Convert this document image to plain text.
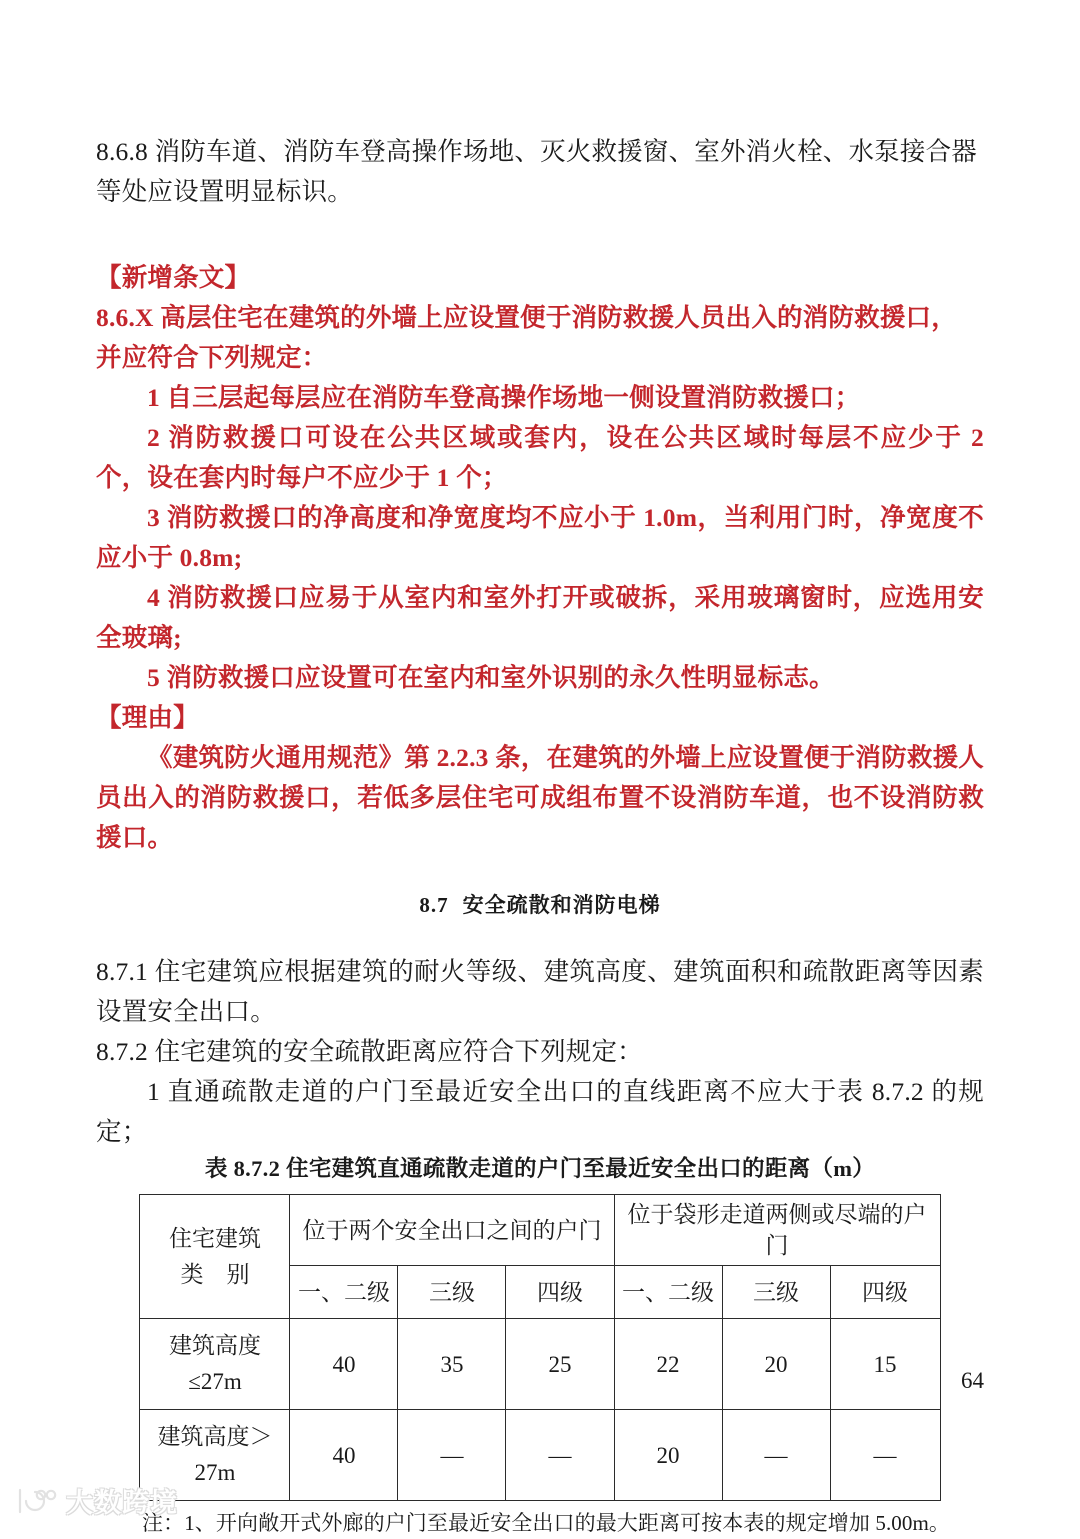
8.6.8 消防车道、消防车登高操作场地、灭火救援窗、室外消火栓、水泵接合器

等处应设置明显标识。

【新增条文】

8.6.X 高层住宅在建筑的外墙上应设置便于消防救援人员出入的消防救援口，

并应符合下列规定：

1 自三层起每层应在消防车登高操作场地一侧设置消防救援口；

2 消防救援口可设在公共区域或套内，设在公共区域时每层不应少于 2 个，设在套内时每户不应少于 1 个；

3 消防救援口的净高度和净宽度均不应小于 1.0m，当利用门时，净宽度不应小于 0.8m;

4 消防救援口应易于从室内和室外打开或破拆，采用玻璃窗时，应选用安全玻璃;

5 消防救援口应设置可在室内和室外识别的永久性明显标志。

【理由】

《建筑防火通用规范》第 2.2.3 条，在建筑的外墙上应设置便于消防救援人员出入的消防救援口，若低多层住宅可成组布置不设消防车道，也不设消防救援口。

8.7 安全疏散和消防电梯

8.7.1 住宅建筑应根据建筑的耐火等级、建筑高度、建筑面积和疏散距离等因素设置安全出口。

8.7.2 住宅建筑的安全疏散距离应符合下列规定：

1 直通疏散走道的户门至最近安全出口的直线距离不应大于表 8.7.2 的规定；

表 8.7.2 住宅建筑直通疏散走道的户门至最近安全出口的距离（m）

住宅建筑
类　别	位于两个安全出口之间的户门			位于袋形走道两侧或尽端的户门		
	一、二级	三级	四级	一、二级	三级	四级

建筑高度
≤27m	40	35	25	22	20	15

建筑高度＞
27m	40	—	—	20	—	—

注：1、开向敞开式外廊的户门至最近安全出口的最大距离可按本表的规定增加 5.00m。

64
大数跨境
